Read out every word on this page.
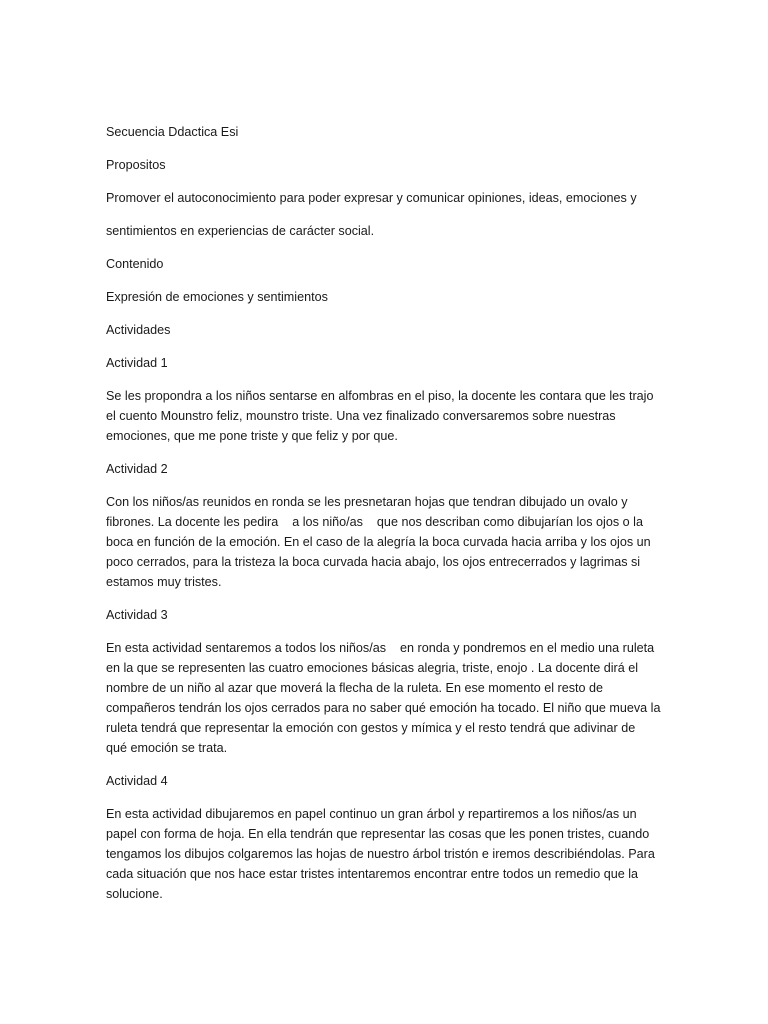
Secuencia Ddactica Esi

Propositos

Promover el autoconocimiento para poder expresar y comunicar opiniones, ideas, emociones y

sentimientos en experiencias de carácter social.

Contenido

Expresión de emociones y sentimientos

Actividades

Actividad 1

Se les propondra a los niños sentarse en alfombras en el piso, la docente les contara que les trajo

el cuento Mounstro feliz, mounstro triste. Una vez finalizado conversaremos sobre nuestras

emociones, que me pone triste y que feliz y por que.

Actividad 2

Con los niños/as reunidos en ronda se les presnetaran hojas que tendran dibujado un ovalo y

fibrones. La docente les pedira    a los niño/as    que nos describan como dibujarían los ojos o la

boca en función de la emoción. En el caso de la alegría la boca curvada hacia arriba y los ojos un

poco cerrados, para la tristeza la boca curvada hacia abajo, los ojos entrecerrados y lagrimas si

estamos muy tristes.

Actividad 3

En esta actividad sentaremos a todos los niños/as    en ronda y pondremos en el medio una ruleta

en la que se representen las cuatro emociones básicas alegria, triste, enojo . La docente dirá el

nombre de un niño al azar que moverá la flecha de la ruleta. En ese momento el resto de

compañeros tendrán los ojos cerrados para no saber qué emoción ha tocado. El niño que mueva la

ruleta tendrá que representar la emoción con gestos y mímica y el resto tendrá que adivinar de

qué emoción se trata.

Actividad 4

En esta actividad dibujaremos en papel continuo un gran árbol y repartiremos a los niños/as un

papel con forma de hoja. En ella tendrán que representar las cosas que les ponen tristes, cuando

tengamos los dibujos colgaremos las hojas de nuestro árbol tristón e iremos describiéndolas. Para

cada situación que nos hace estar tristes intentaremos encontrar entre todos un remedio que la

solucione.
